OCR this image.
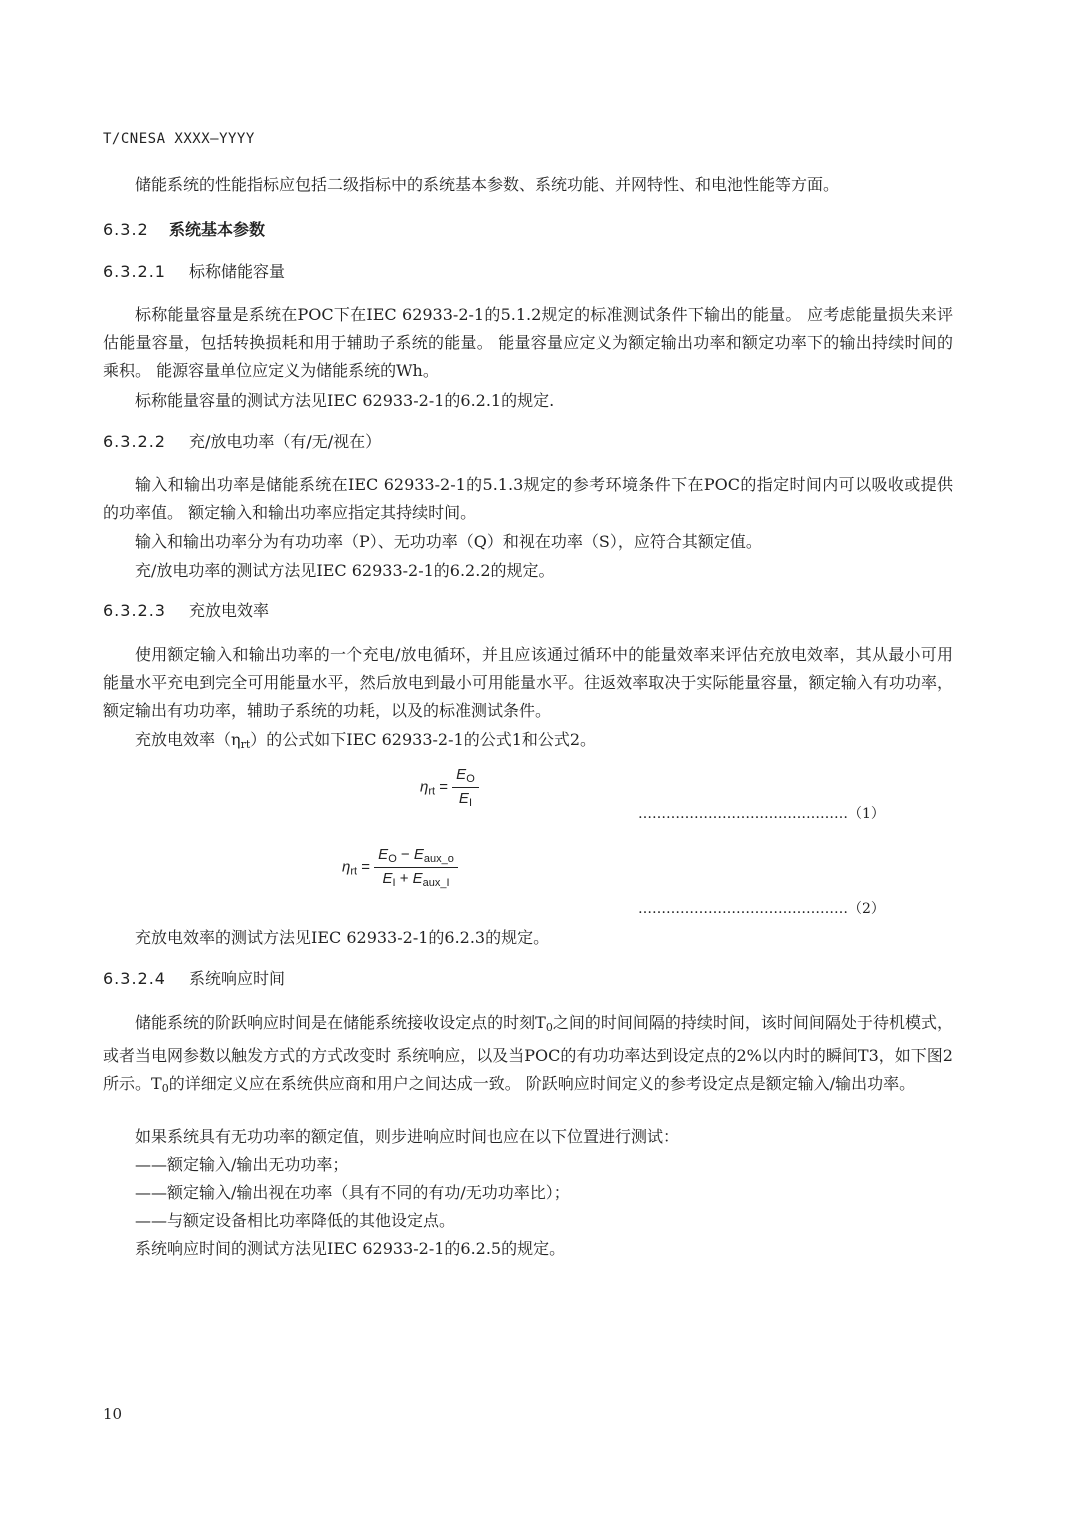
T/CNESA XXXX—YYYY
储能系统的性能指标应包括二级指标中的系统基本参数、系统功能、并网特性、和电池性能等方面。
6.3.2 系统基本参数
6.3.2.1 标称储能容量

标称能量容量是系统在POC下在IEC 62933-2-1的5.1.2规定的标准测试条件下输出的能量。 应考虑能量损失来评估能量容量，包括转换损耗和用于辅助子系统的能量。 能量容量应定义为额定输出功率和额定功率下的输出持续时间的乘积。 能源容量单位应定义为储能系统的Wh。

标称能量容量的测试方法见IEC 62933-2-1的6.2.1的规定.
6.3.2.2 充/放电功率（有/无/视在）

输入和输出功率是储能系统在IEC 62933-2-1的5.1.3规定的参考环境条件下在POC的指定时间内可以吸收或提供的功率值。 额定输入和输出功率应指定其持续时间。

输入和输出功率分为有功功率（P）、无功功率（Q）和视在功率（S），应符合其额定值。
充/放电功率的测试方法见IEC 62933-2-1的6.2.2的规定。
6.3.2.3 充放电效率

使用额定输入和输出功率的一个充电/放电循环，并且应该通过循环中的能量效率来评估充放电效率，其从最小可用能量水平充电到完全可用能量水平，然后放电到最小可用能量水平。往返效率取决于实际能量容量，额定输入有功功率，额定输出有功功率，辅助子系统的功耗，以及的标准测试条件。

充放电效率$(\eta_{rt})$的公式如下IEC 62933-2-1的公式1和公式2。
$\eta_{rt} = \frac{E_O}{E_I}$
………………………………………（1）
$\eta_{rt} = \frac{E_O - E_{aux\_o}}{E_I + E_{aux\_I}}$
………………………………………（2）
充放电效率的测试方法见IEC 62933-2-1的6.2.3的规定。
6.3.2.4 系统响应时间

储能系统的阶跃响应时间是在储能系统接收设定点的时刻$T_0$之间的时间间隔的持续时间，该时间间隔处于待机模式，或者当电网参数以触发方式的方式改变时 系统响应，以及当POC的有功功率达到设定点的2%以内时的瞬间T3，如下图2所示。$T_0$的详细定义应在系统供应商和用户之间达成一致。 阶跃响应时间定义的参考设定点是额定输入/输出功率。

如果系统具有无功功率的额定值，则步进响应时间也应在以下位置进行测试：
——额定输入/输出无功功率；
——额定输入/输出视在功率（具有不同的有功/无功功率比）；
——与额定设备相比功率降低的其他设定点。
系统响应时间的测试方法见IEC 62933-2-1的6.2.5的规定。
10
